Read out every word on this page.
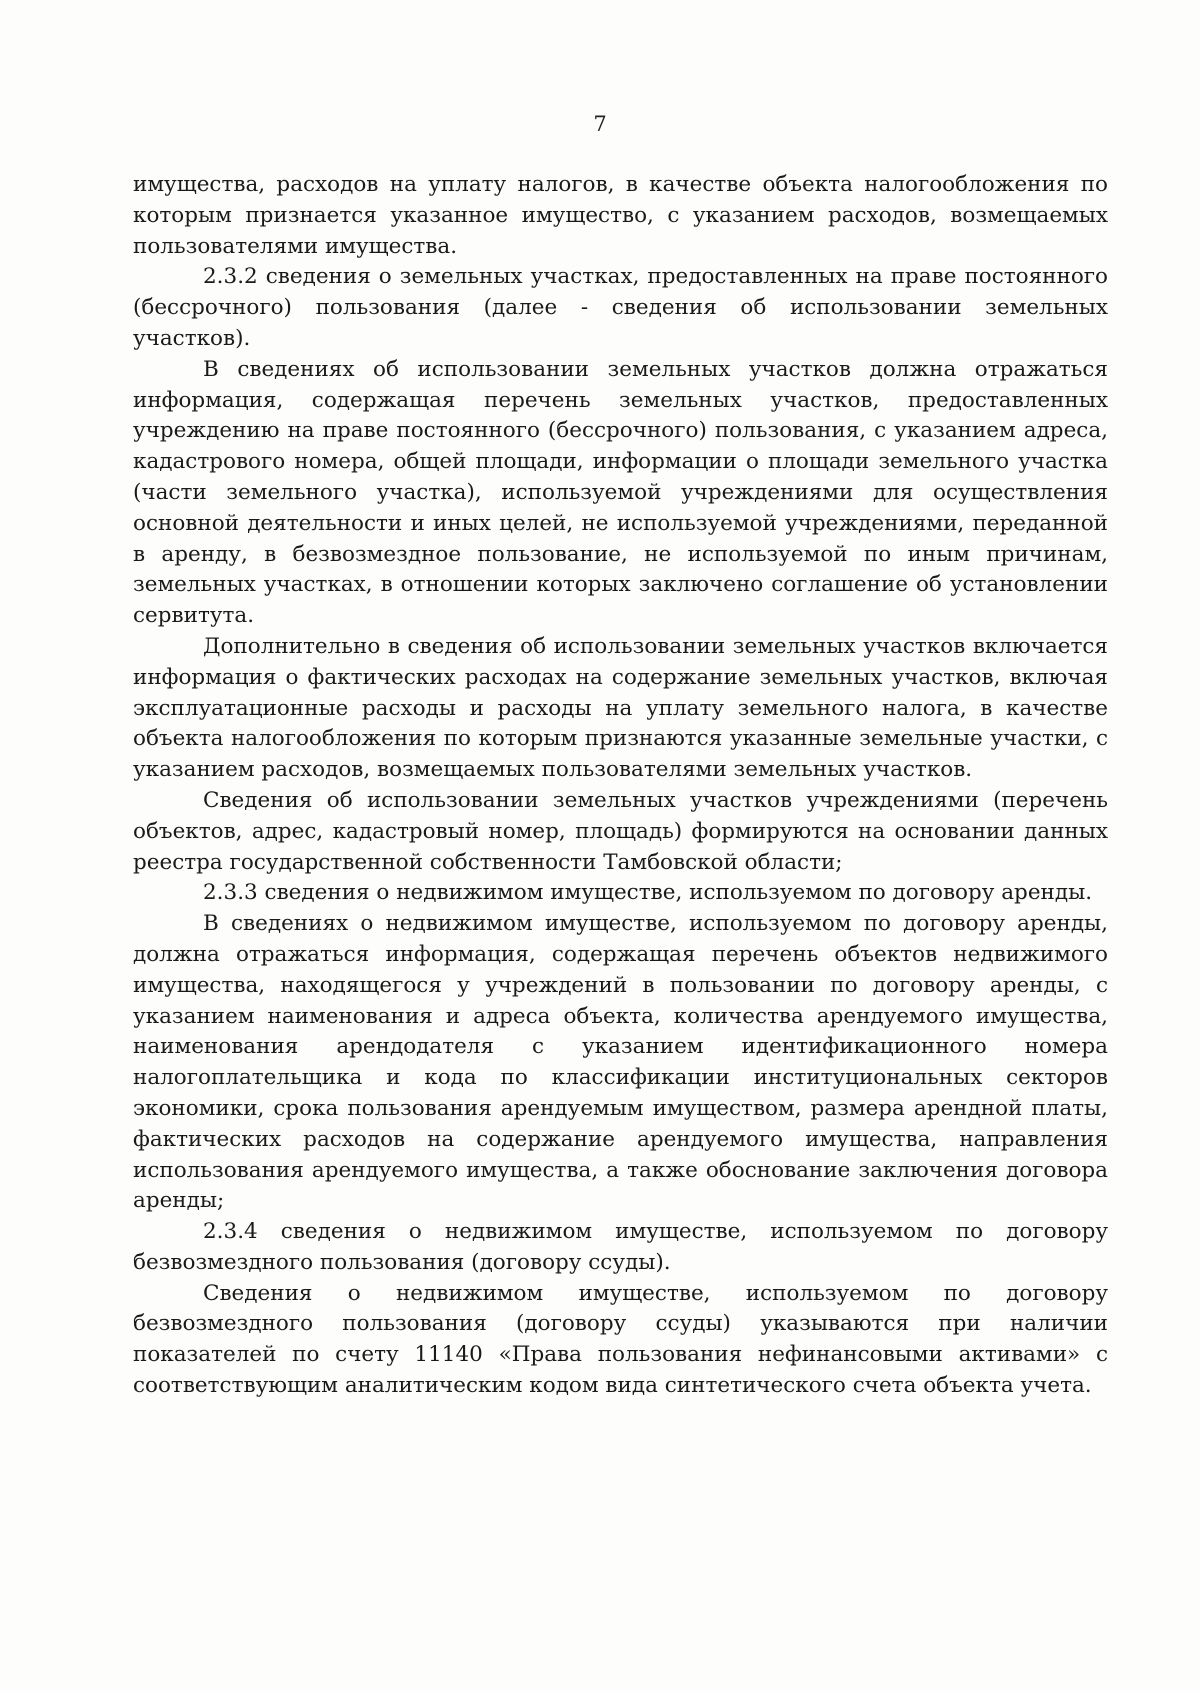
7

имущества, расходов на уплату налогов, в качестве объекта налогообложения по которым признается указанное имущество, с указанием расходов, возмещаемых пользователями имущества.

2.3.2 сведения о земельных участках, предоставленных на праве постоянного (бессрочного) пользования (далее - сведения об использовании земельных участков).

В сведениях об использовании земельных участков должна отражаться информация, содержащая перечень земельных участков, предоставленных учреждению на праве постоянного (бессрочного) пользования, с указанием адреса, кадастрового номера, общей площади, информации о площади земельного участка (части земельного участка), используемой учреждениями для осуществления основной деятельности и иных целей, не используемой учреждениями, переданной в аренду, в безвозмездное пользование, не используемой по иным причинам, земельных участках, в отношении которых заключено соглашение об установлении сервитута.

Дополнительно в сведения об использовании земельных участков включается информация о фактических расходах на содержание земельных участков, включая эксплуатационные расходы и расходы на уплату земельного налога, в качестве объекта налогообложения по которым признаются указанные земельные участки, с указанием расходов, возмещаемых пользователями земельных участков.

Сведения об использовании земельных участков учреждениями (перечень объектов, адрес, кадастровый номер, площадь) формируются на основании данных реестра государственной собственности Тамбовской области;

2.3.3 сведения о недвижимом имуществе, используемом по договору аренды.

В сведениях о недвижимом имуществе, используемом по договору аренды, должна отражаться информация, содержащая перечень объектов недвижимого имущества, находящегося у учреждений в пользовании по договору аренды, с указанием наименования и адреса объекта, количества арендуемого имущества, наименования арендодателя с указанием идентификационного номера налогоплательщика и кода по классификации институциональных секторов экономики, срока пользования арендуемым имуществом, размера арендной платы, фактических расходов на содержание арендуемого имущества, направления использования арендуемого имущества, а также обоснование заключения договора аренды;

2.3.4 сведения о недвижимом имуществе, используемом по договору безвозмездного пользования (договору ссуды).

Сведения о недвижимом имуществе, используемом по договору безвозмездного пользования (договору ссуды) указываются при наличии показателей по счету 11140 «Права пользования нефинансовыми активами» с соответствующим аналитическим кодом вида синтетического счета объекта учета.
